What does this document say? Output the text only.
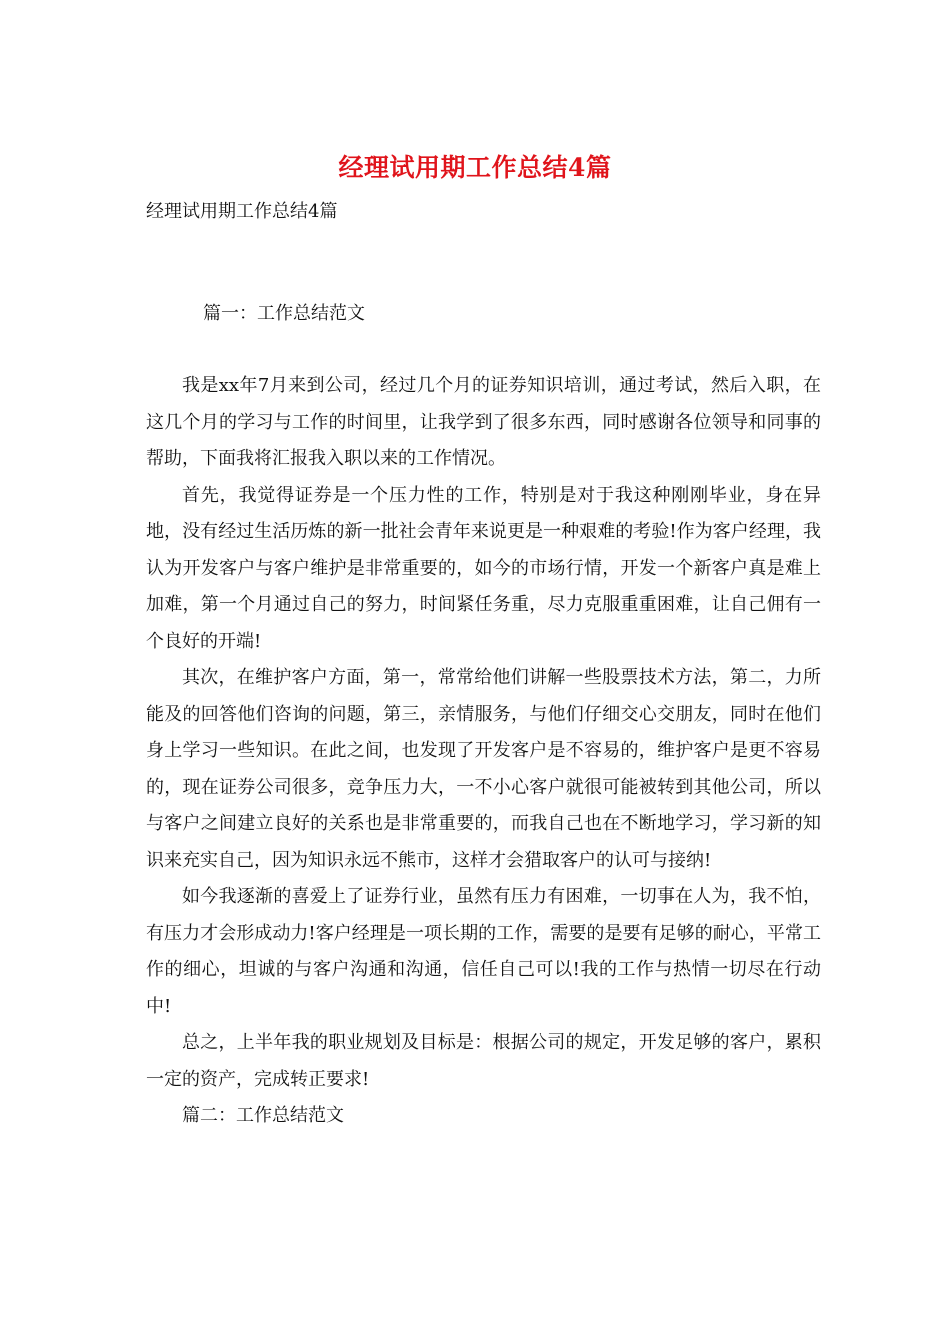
经理试用期工作总结4篇
经理试用期工作总结4篇
篇一：工作总结范文

我是xx年7月来到公司，经过几个月的证券知识培训，通过考试，然后入职，在这几个月的学习与工作的时间里，让我学到了很多东西，同时感谢各位领导和同事的帮助，下面我将汇报我入职以来的工作情况。

首先，我觉得证券是一个压力性的工作，特别是对于我这种刚刚毕业，身在异地，没有经过生活历炼的新一批社会青年来说更是一种艰难的考验!作为客户经理，我认为开发客户与客户维护是非常重要的，如今的市场行情，开发一个新客户真是难上加难，第一个月通过自己的努力，时间紧任务重，尽力克服重重困难，让自己佣有一个良好的开端!

其次，在维护客户方面，第一，常常给他们讲解一些股票技术方法，第二，力所能及的回答他们咨询的问题，第三，亲情服务，与他们仔细交心交朋友，同时在他们身上学习一些知识。在此之间，也发现了开发客户是不容易的，维护客户是更不容易的，现在证券公司很多，竞争压力大，一不小心客户就很可能被转到其他公司，所以与客户之间建立良好的关系也是非常重要的，而我自己也在不断地学习，学习新的知识来充实自己，因为知识永远不熊市，这样才会猎取客户的认可与接纳!

如今我逐渐的喜爱上了证券行业，虽然有压力有困难，一切事在人为，我不怕，有压力才会形成动力!客户经理是一项长期的工作，需要的是要有足够的耐心，平常工作的细心，坦诚的与客户沟通和沟通，信任自己可以!我的工作与热情一切尽在行动中!

总之，上半年我的职业规划及目标是：根据公司的规定，开发足够的客户，累积一定的资产，完成转正要求!

篇二：工作总结范文
